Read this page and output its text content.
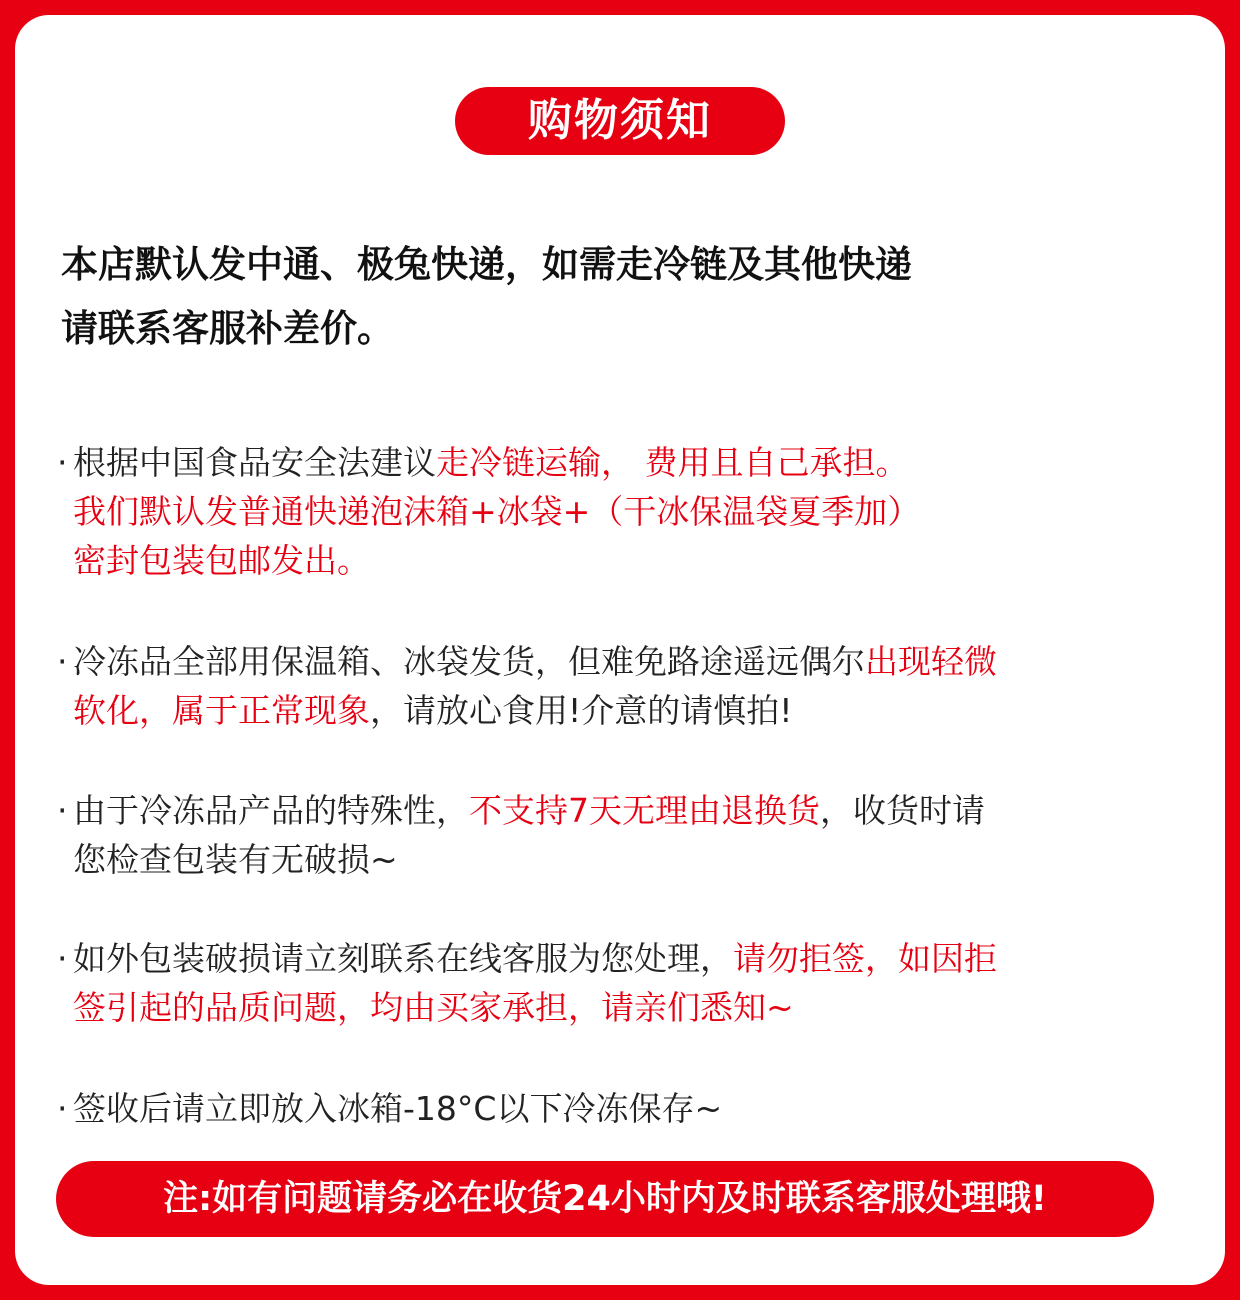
购物须知
本店默认发中通、极兔快递，如需走冷链及其他快递
请联系客服补差价。
· 根据中国食品安全法建议走冷链运输， 费用且自己承担。
我们默认发普通快递泡沫箱+冰袋+（干冰保温袋夏季加）
密封包装包邮发出。
· 冷冻品全部用保温箱、冰袋发货，但难免路途遥远偶尔出现轻微
软化，属于正常现象，请放心食用!介意的请慎拍!
· 由于冷冻品产品的特殊性，不支持7天无理由退换货，收货时请
您检查包装有无破损~
· 如外包装破损请立刻联系在线客服为您处理，请勿拒签，如因拒
签引起的品质问题，均由买家承担，请亲们悉知~
· 签收后请立即放入冰箱-18°C以下冷冻保存~
注:如有问题请务必在收货24小时内及时联系客服处理哦!
